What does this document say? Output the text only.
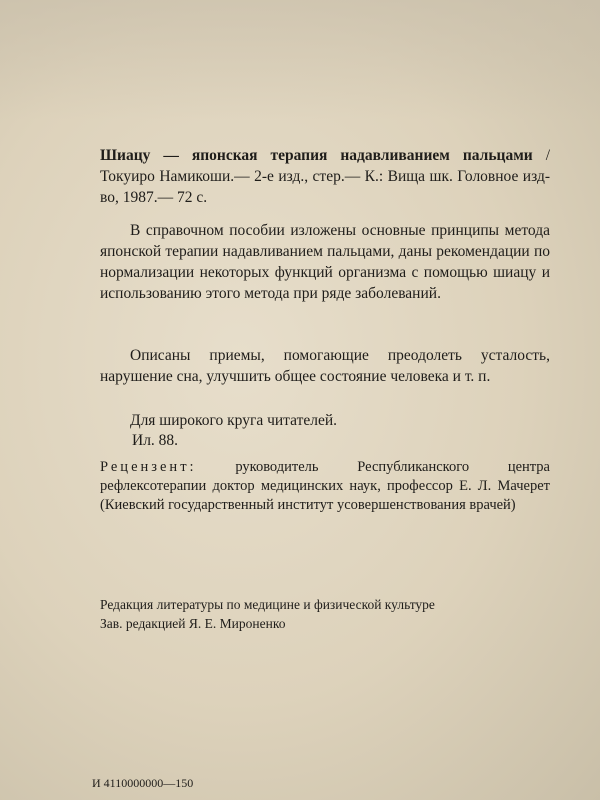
Шиацу — японская терапия надавливанием пальцами / Токуиро Намикоши.— 2-е изд., стер.— К.: Вища шк. Головное изд-во, 1987.— 72 с.

В справочном пособии изложены основные принципы метода японской терапии надавливанием пальцами, даны рекомендации по нормализации некоторых функций организма с помощью шиацу и использованию этого метода при ряде заболеваний.

Описаны приемы, помогающие преодолеть усталость, нарушение сна, улучшить общее состояние человека и т. п.

Для широкого круга читателей.

Ил. 88.

Рецензент: руководитель Республиканского центра рефлексотерапии доктор медицинских наук, профессор Е. Л. Мачерет (Киевский государственный институт усовершенствования врачей)

Редакция литературы по медицине и физической культуре

Зав. редакцией Я. Е. Мироненко

И 4110000000—150
